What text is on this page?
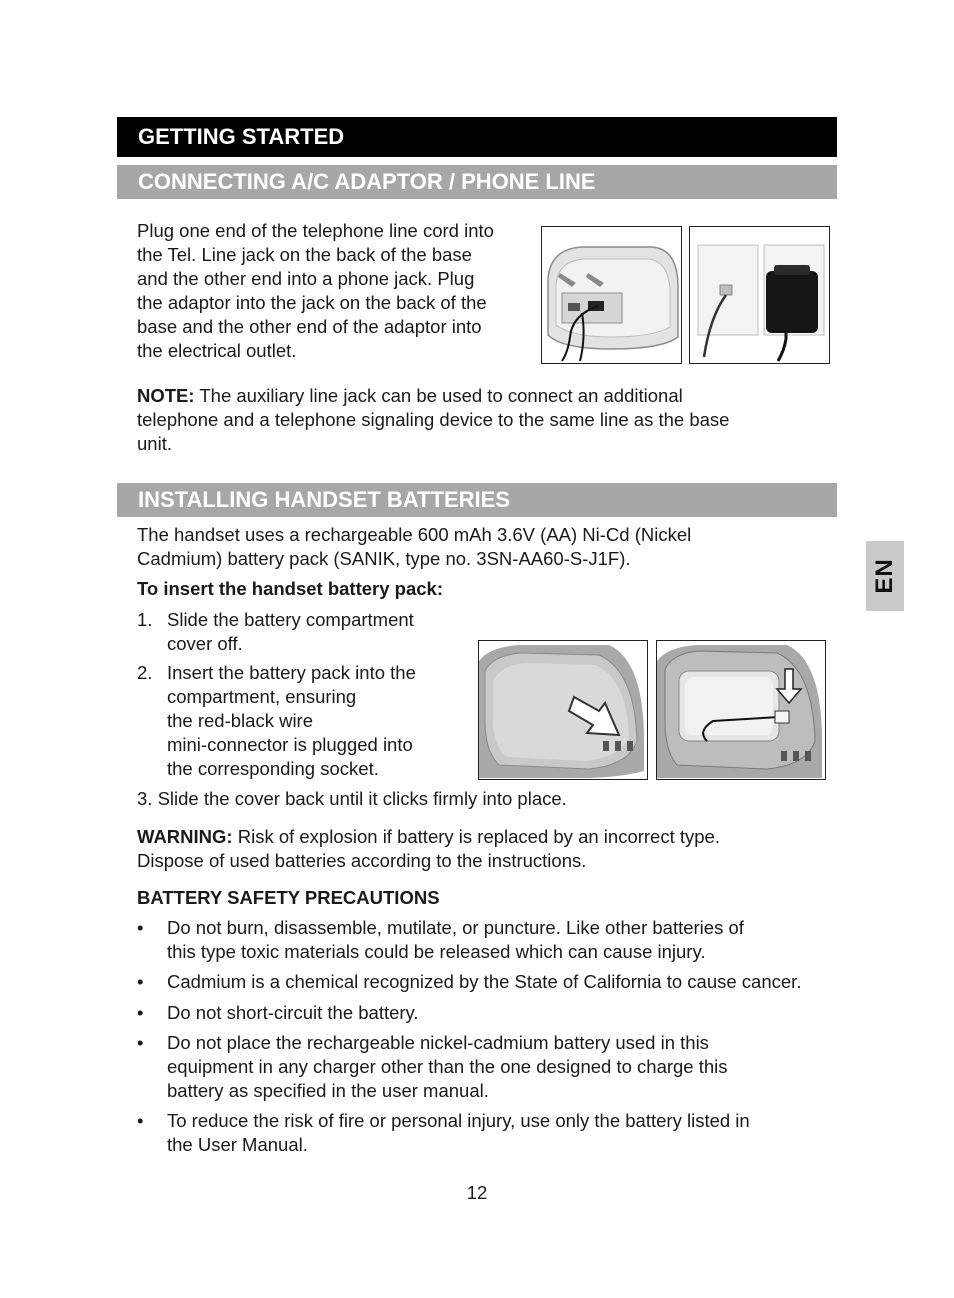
GETTING STARTED
CONNECTING A/C ADAPTOR / PHONE LINE
Plug one end of the telephone line cord into
the Tel. Line jack on the back of the base
and the other end into a phone jack. Plug
the adaptor into the jack on the back of the
base and the other end of the adaptor into
the electrical outlet.
NOTE: The auxiliary line jack can be used to connect an additional
telephone and a telephone signaling device to the same line as the base
unit.
INSTALLING HANDSET BATTERIES
The handset uses a rechargeable 600 mAh 3.6V (AA) Ni-Cd (Nickel
Cadmium) battery pack (SANIK, type no. 3SN-AA60-S-J1F).
To insert the handset battery pack:
1. Slide the battery compartment
cover off.
2. Insert the battery pack into the
compartment, ensuring
the red-black wire
mini-connector is plugged into
the corresponding socket.
3. Slide the cover back until it clicks firmly into place.
WARNING: Risk of explosion if battery is replaced by an incorrect type.
Dispose of used batteries according to the instructions.
BATTERY SAFETY PRECAUTIONS
• Do not burn, disassemble, mutilate, or puncture. Like other batteries of
this type toxic materials could be released which can cause injury.
• Cadmium is a chemical recognized by the State of California to cause cancer.
• Do not short-circuit the battery.
• Do not place the rechargeable nickel-cadmium battery used in this
equipment in any charger other than the one designed to charge this
battery as specified in the user manual.
• To reduce the risk of fire or personal injury, use only the battery listed in
the User Manual.
EN
12
